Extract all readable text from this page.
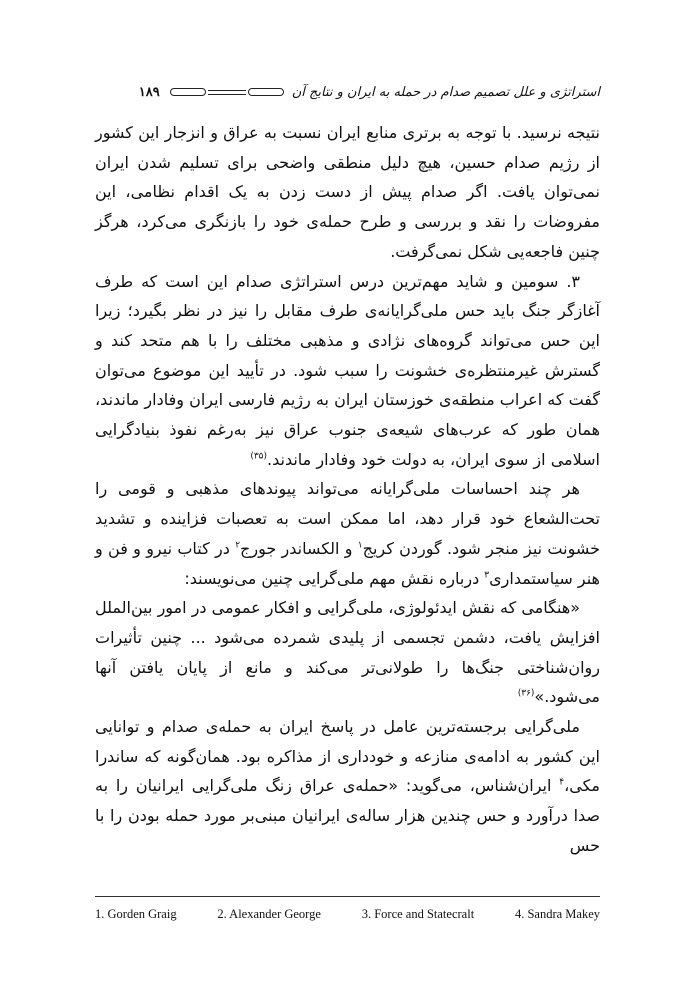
استراتژی و علل تصمیم صدام در حمله به ایران و نتایج آن
۱۸۹

نتیجه نرسید. با توجه به برتری منابع ایران نسبت به عراق و انزجار این کشور از رژیم صدام حسین، هیچ دلیل منطقی واضحی برای تسلیم شدن ایران نمی‌توان یافت. اگر صدام پیش از دست زدن به یک اقدام نظامی، این مفروضات را نقد و بررسی و طرح حمله‌ی خود را بازنگری می‌کرد، هرگز چنین فاجعه‌یی شکل نمی‌گرفت.

۳. سومین و شاید مهم‌ترین درس استراتژی صدام این است که طرف آغازگر جنگ باید حس ملی‌گرایانه‌ی طرف مقابل را نیز در نظر بگیرد؛ زیرا این حس می‌تواند گروه‌های نژادی و مذهبی مختلف را با هم متحد کند و گسترش غیرمنتظره‌ی خشونت را سبب شود. در تأیید این موضوع می‌توان گفت که اعراب منطقه‌ی خوزستان ایران به رژیم فارسی ایران وفادار ماندند، همان طور که عرب‌های شیعه‌ی جنوب عراق نیز به‌رغم نفوذ بنیادگرایی اسلامی از سوی ایران، به دولت خود وفادار ماندند.$^{(۳۵)}$

هر چند احساسات ملی‌گرایانه می‌تواند پیوندهای مذهبی و قومی را تحت‌الشعاع خود قرار دهد، اما ممکن است به تعصبات فزاینده و تشدید خشونت نیز منجر شود. گوردن کریج$^۱$ و الکساندر جورج$^۲$ در کتاب نیرو و فن و هنر سیاستمداری$^۳$ درباره نقش مهم ملی‌گرایی چنین می‌نویسند:

«هنگامی که نقش ایدئولوژی، ملی‌گرایی و افکار عمومی در امور بین‌الملل افزایش یافت، دشمن تجسمی از پلیدی شمرده می‌شود ... چنین تأثیرات روان‌شناختی جنگ‌ها را طولانی‌تر می‌کند و مانع از پایان یافتن آنها می‌شود.»$^{(۳۶)}$

ملی‌گرایی برجسته‌ترین عامل در پاسخ ایران به حمله‌ی صدام و توانایی این کشور به ادامه‌ی منازعه و خودداری از مذاکره بود. همان‌گونه که ساندرا مکی،$^۴$ ایران‌شناس، می‌گوید: «حمله‌ی عراق زنگ ملی‌گرایی ایرانیان را به صدا درآورد و حس چندین هزار ساله‌ی ایرانیان مبنی‌بر مورد حمله بودن را با حس

1. Gorden Graig	2. Alexander George	3. Force and Statecralt	4. Sandra Makey
